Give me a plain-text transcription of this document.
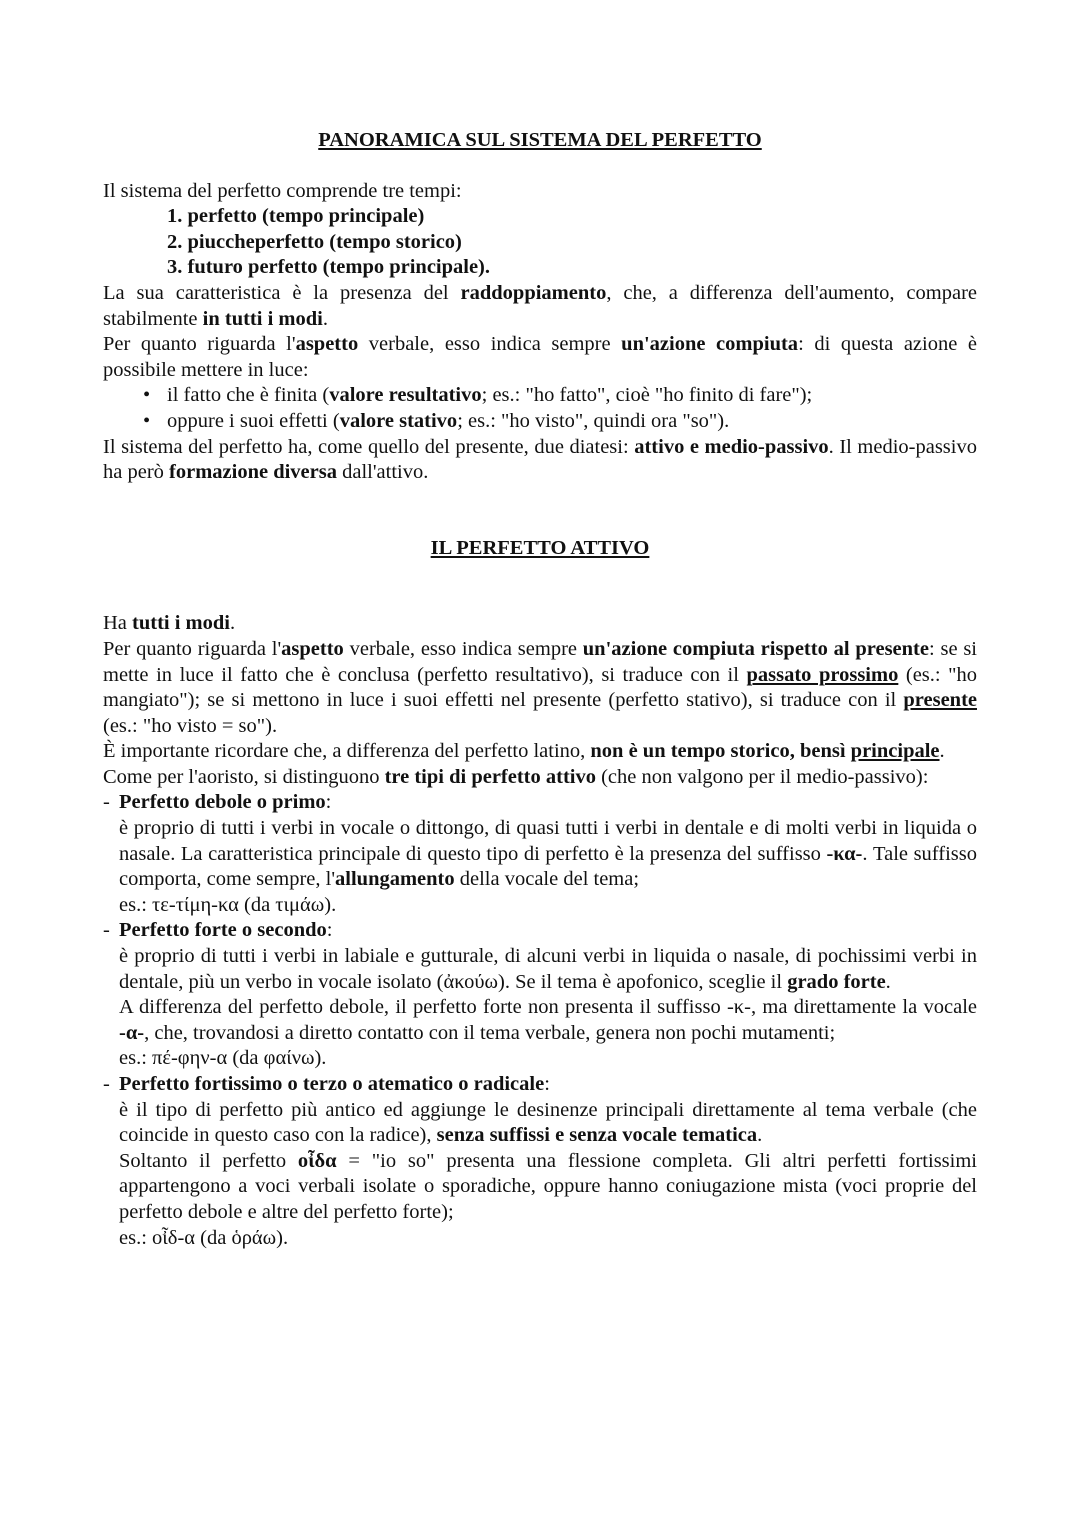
PANORAMICA SUL SISTEMA DEL PERFETTO
Il sistema del perfetto comprende tre tempi:
1. perfetto (tempo principale)
2. piuccheperfetto (tempo storico)
3. futuro perfetto (tempo principale).
La sua caratteristica è la presenza del raddoppiamento, che, a differenza dell'aumento, compare stabilmente in tutti i modi.
Per quanto riguarda l'aspetto verbale, esso indica sempre un'azione compiuta: di questa azione è possibile mettere in luce:
• il fatto che è finita (valore resultativo; es.: "ho fatto", cioè "ho finito di fare");
• oppure i suoi effetti (valore stativo; es.: "ho visto", quindi ora "so").
Il sistema del perfetto ha, come quello del presente, due diatesi: attivo e medio-passivo. Il medio-passivo ha però formazione diversa dall'attivo.
IL PERFETTO ATTIVO
Ha tutti i modi.
Per quanto riguarda l'aspetto verbale, esso indica sempre un'azione compiuta rispetto al presente: se si mette in luce il fatto che è conclusa (perfetto resultativo), si traduce con il passato prossimo (es.: "ho mangiato"); se si mettono in luce i suoi effetti nel presente (perfetto stativo), si traduce con il presente (es.: "ho visto = so").
È importante ricordare che, a differenza del perfetto latino, non è un tempo storico, bensì principale.
Come per l'aoristo, si distinguono tre tipi di perfetto attivo (che non valgono per il medio-passivo):
- Perfetto debole o primo:
è proprio di tutti i verbi in vocale o dittongo, di quasi tutti i verbi in dentale e di molti verbi in liquida o nasale. La caratteristica principale di questo tipo di perfetto è la presenza del suffisso -κα-. Tale suffisso comporta, come sempre, l'allungamento della vocale del tema;
es.: τε-τίμη-κα (da τιμάω).
- Perfetto forte o secondo:
è proprio di tutti i verbi in labiale e gutturale, di alcuni verbi in liquida o nasale, di pochissimi verbi in dentale, più un verbo in vocale isolato (ἀκούω). Se il tema è apofonico, sceglie il grado forte.
A differenza del perfetto debole, il perfetto forte non presenta il suffisso -κ-, ma direttamente la vocale -α-, che, trovandosi a diretto contatto con il tema verbale, genera non pochi mutamenti;
es.: πέ-φην-α (da φαίνω).
- Perfetto fortissimo o terzo o atematico o radicale:
è il tipo di perfetto più antico ed aggiunge le desinenze principali direttamente al tema verbale (che coincide in questo caso con la radice), senza suffissi e senza vocale tematica.
Soltanto il perfetto οἶδα = "io so" presenta una flessione completa. Gli altri perfetti fortissimi appartengono a voci verbali isolate o sporadiche, oppure hanno coniugazione mista (voci proprie del perfetto debole e altre del perfetto forte);
es.: οἶδ-α (da ὁράω).
